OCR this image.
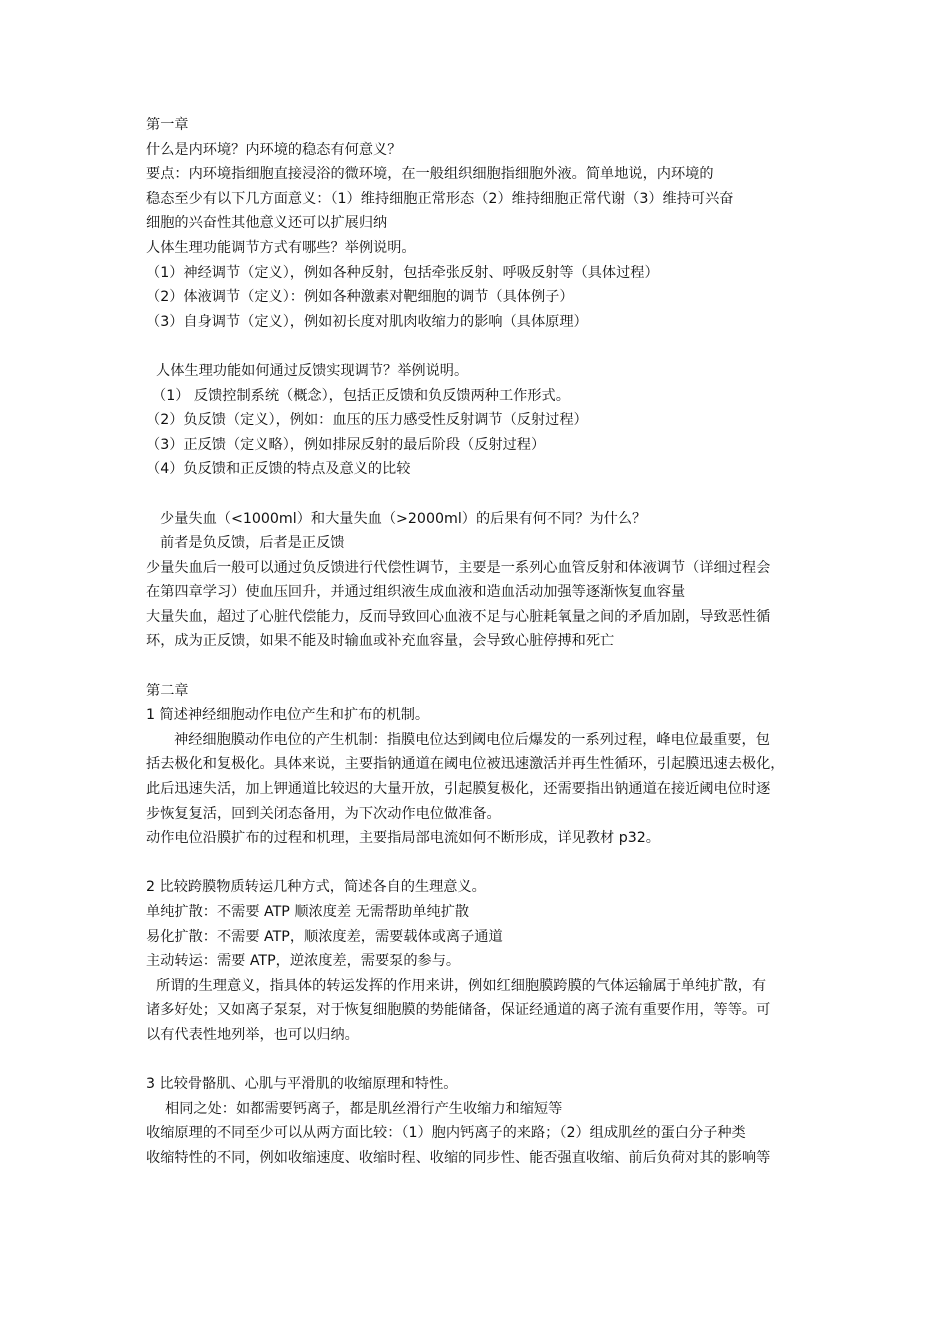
第一章
什么是内环境？内环境的稳态有何意义？
要点：内环境指细胞直接浸浴的微环境，在一般组织细胞指细胞外液。简单地说，内环境的
稳态至少有以下几方面意义：（1）维持细胞正常形态（2）维持细胞正常代谢（3）维持可兴奋
细胞的兴奋性其他意义还可以扩展归纳
人体生理功能调节方式有哪些？举例说明。
（1）神经调节（定义），例如各种反射，包括牵张反射、呼吸反射等（具体过程）
（2）体液调节（定义）：例如各种激素对靶细胞的调节（具体例子）
（3）自身调节（定义），例如初长度对肌肉收缩力的影响（具体原理）
人体生理功能如何通过反馈实现调节？举例说明。
（1） 反馈控制系统（概念），包括正反馈和负反馈两种工作形式。
（2）负反馈（定义），例如：血压的压力感受性反射调节（反射过程）
（3）正反馈（定义略），例如排尿反射的最后阶段（反射过程）
（4）负反馈和正反馈的特点及意义的比较
少量失血（<1000ml）和大量失血（>2000ml）的后果有何不同？为什么？
前者是负反馈，后者是正反馈
少量失血后一般可以通过负反馈进行代偿性调节，主要是一系列心血管反射和体液调节（详细过程会
在第四章学习）使血压回升，并通过组织液生成血液和造血活动加强等逐渐恢复血容量
大量失血，超过了心脏代偿能力，反而导致回心血液不足与心脏耗氧量之间的矛盾加剧，导致恶性循
环，成为正反馈，如果不能及时输血或补充血容量，会导致心脏停搏和死亡
第二章
1 简述神经细胞动作电位产生和扩布的机制。
神经细胞膜动作电位的产生机制：指膜电位达到阈电位后爆发的一系列过程，峰电位最重要，包
括去极化和复极化。具体来说，主要指钠通道在阈电位被迅速激活并再生性循环，引起膜迅速去极化，
此后迅速失活，加上钾通道比较迟的大量开放，引起膜复极化，还需要指出钠通道在接近阈电位时逐
步恢复复活，回到关闭态备用，为下次动作电位做准备。
动作电位沿膜扩布的过程和机理，主要指局部电流如何不断形成，详见教材 p32。
2 比较跨膜物质转运几种方式，简述各自的生理意义。
单纯扩散：不需要 ATP 顺浓度差 无需帮助单纯扩散
易化扩散：不需要 ATP，顺浓度差，需要载体或离子通道
主动转运：需要 ATP，逆浓度差，需要泵的参与。
所谓的生理意义，指具体的转运发挥的作用来讲，例如红细胞膜跨膜的气体运输属于单纯扩散，有
诸多好处；又如离子泵泵，对于恢复细胞膜的势能储备，保证经通道的离子流有重要作用，等等。可
以有代表性地列举，也可以归纳。
3 比较骨骼肌、心肌与平滑肌的收缩原理和特性。
相同之处：如都需要钙离子，都是肌丝滑行产生收缩力和缩短等
收缩原理的不同至少可以从两方面比较：（1）胞内钙离子的来路；（2）组成肌丝的蛋白分子种类
收缩特性的不同，例如收缩速度、收缩时程、收缩的同步性、能否强直收缩、前后负荷对其的影响等
